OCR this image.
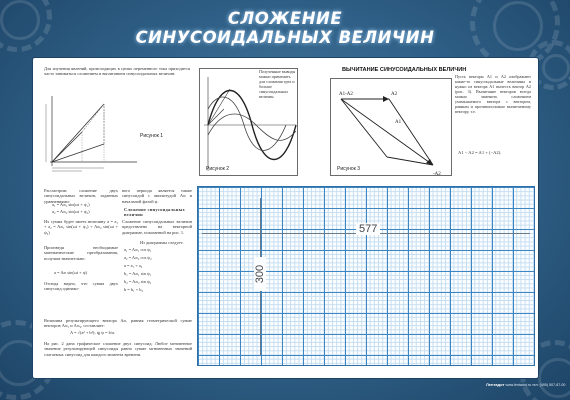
СЛОЖЕНИЕ
СИНУСОИДАЛЬНЫХ ВЕЛИЧИН
Для изучения явлений, происходящих в цепях переменного тока приходится часто заниматься сложением и вычитанием синусоидальных величин.
Рисунок 1
Рисунок 2
Полученные выводы можно применить для сложения трех и больше синусоидальных величин.
ВЫЧИТАНИЕ СИНУСОИДАЛЬНЫХ ВЕЛИЧИН
A1-A2	A2
A1
-A2
Рисунок 3
Пусть векторы A1 и A2 изображают какие-то синусоидальные величины и нужно из вектора A1 вычесть вектор A2 (рис. 3). Вычитание векторов всегда можно заменить сложением уменьшаемого вектора с вектором, равным и противоположно вычитаемому вектору, т.е.
A1 − A2 = A1 + (−A2).
Рассмотрим сложение двух синусоидальных величин, заданных уравнениями:
a₁ = Aₘ₁ sin(ωt + ψ₁)
a₂ = Aₘ₂ sin(ωt + ψ₂)
Их сумма будет иметь величину a = a₁ + a₂ = Aₘ₁ sin(ωt + ψ₁) + Aₘ₂ sin(ωt + ψ₂)
Произведя необходимые математические преобразования, получим значительно:
a = Aₘ sin(ωt + ψ)
Отсюда видно, что сумма двух синусоид одинако-
вого периода является также синусоидой с амплитудой Aₘ и начальной фазой ψ.
Сложение синусоидальных величин
Сложение синусоидальных величин представлено на векторной диаграмме, показанной на рис. 1.
Из диаграммы следует:
a₁ = Aₘ₁ cos ψ₁
a₂ = Aₘ₂ cos ψ₂
a = a₁ + a₂
b₁ = Aₘ₁ sin ψ₁
b₂ = Aₘ₂ sin ψ₂
b = b₁ + b₂
Величина результирующего вектора Aₘ, равная геометрической сумме векторов Aₘ₁ и Aₘ₂, составляет:
A = √(a² + b²); tg ψ = b/a.
На рис. 2 дана графическое сложение двух синусоид. Любое мгновенное значение результирующей синусоиды равно сумме мгновенных значений слагаемых синусоид для каждого момента времени.
577
300
Лентадот www.lentadot.ru тел: (495) 507-87-00
